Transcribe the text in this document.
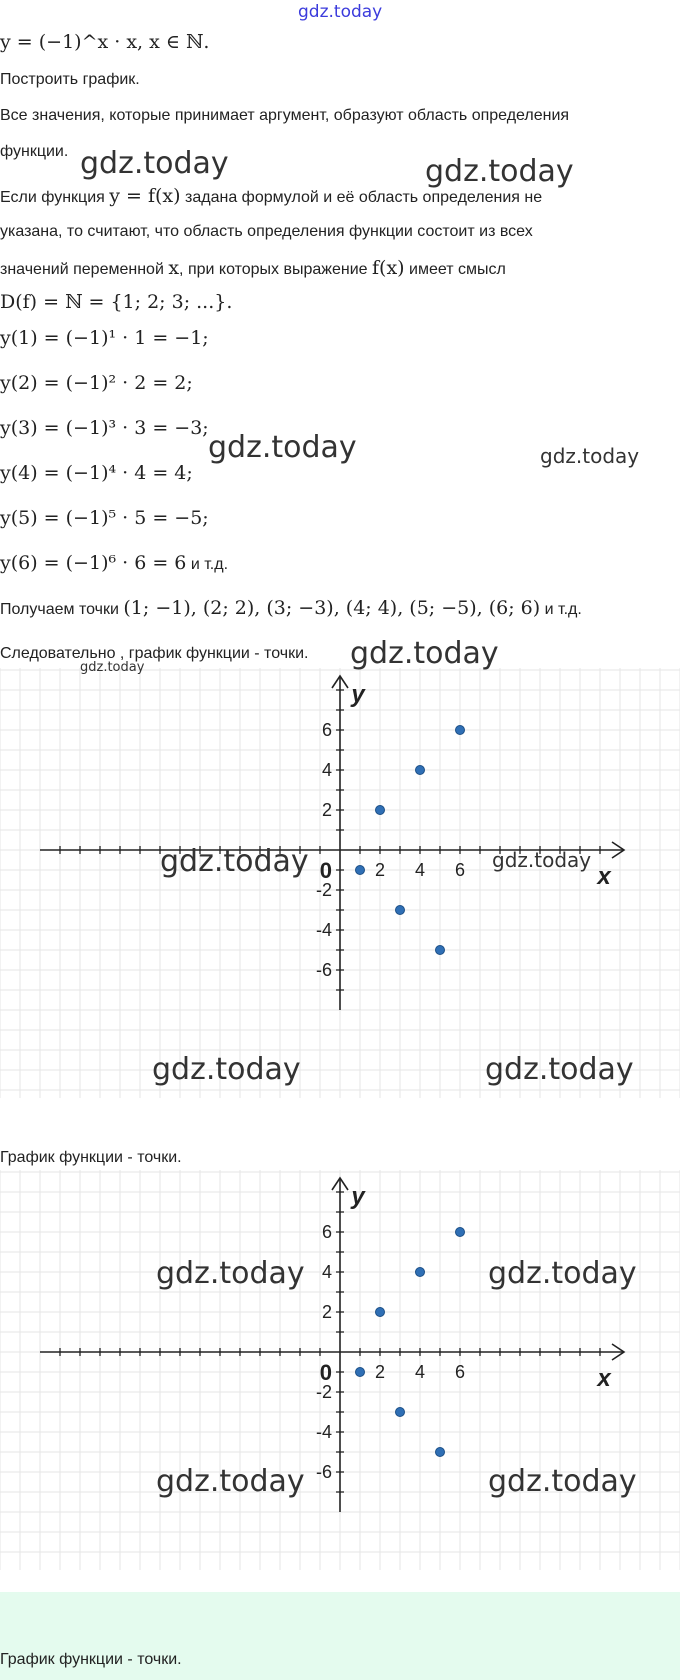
gdz.today
y = (−1)^x · x, x ∈ ℕ.
Построить график.
Все значения, которые принимает аргумент, образуют область определения
функции.
Если функция y = f(x) задана формулой и её область определения не
указана, то считают, что область определения функции состоит из всех
значений переменной x, при которых выражение f(x) имеет смысл
D(f) = ℕ = {1; 2; 3; ...}.
y(1) = (−1)¹ · 1 = −1;
y(2) = (−1)² · 2 = 2;
y(3) = (−1)³ · 3 = −3;
y(4) = (−1)⁴ · 4 = 4;
y(5) = (−1)⁵ · 5 = −5;
y(6) = (−1)⁶ · 6 = 6 и т.д.
Получаем точки (1; −1), (2; 2), (3; −3), (4; 4), (5; −5), (6; 6) и т.д.
Следовательно , график функции - точки.
2 4 6
6
4
2
-2
-4
-6
0	x
y
График функции - точки.
2 4 6
6
4
2
-2
-4
-6
0	x
y
График функции - точки.
gdz.today	gdz.today
gdz.today	gdz.today
gdz.today
gdz.today
gdz.today	gdz.today
gdz.today	gdz.today
gdz.today	gdz.today
gdz.today	gdz.today
